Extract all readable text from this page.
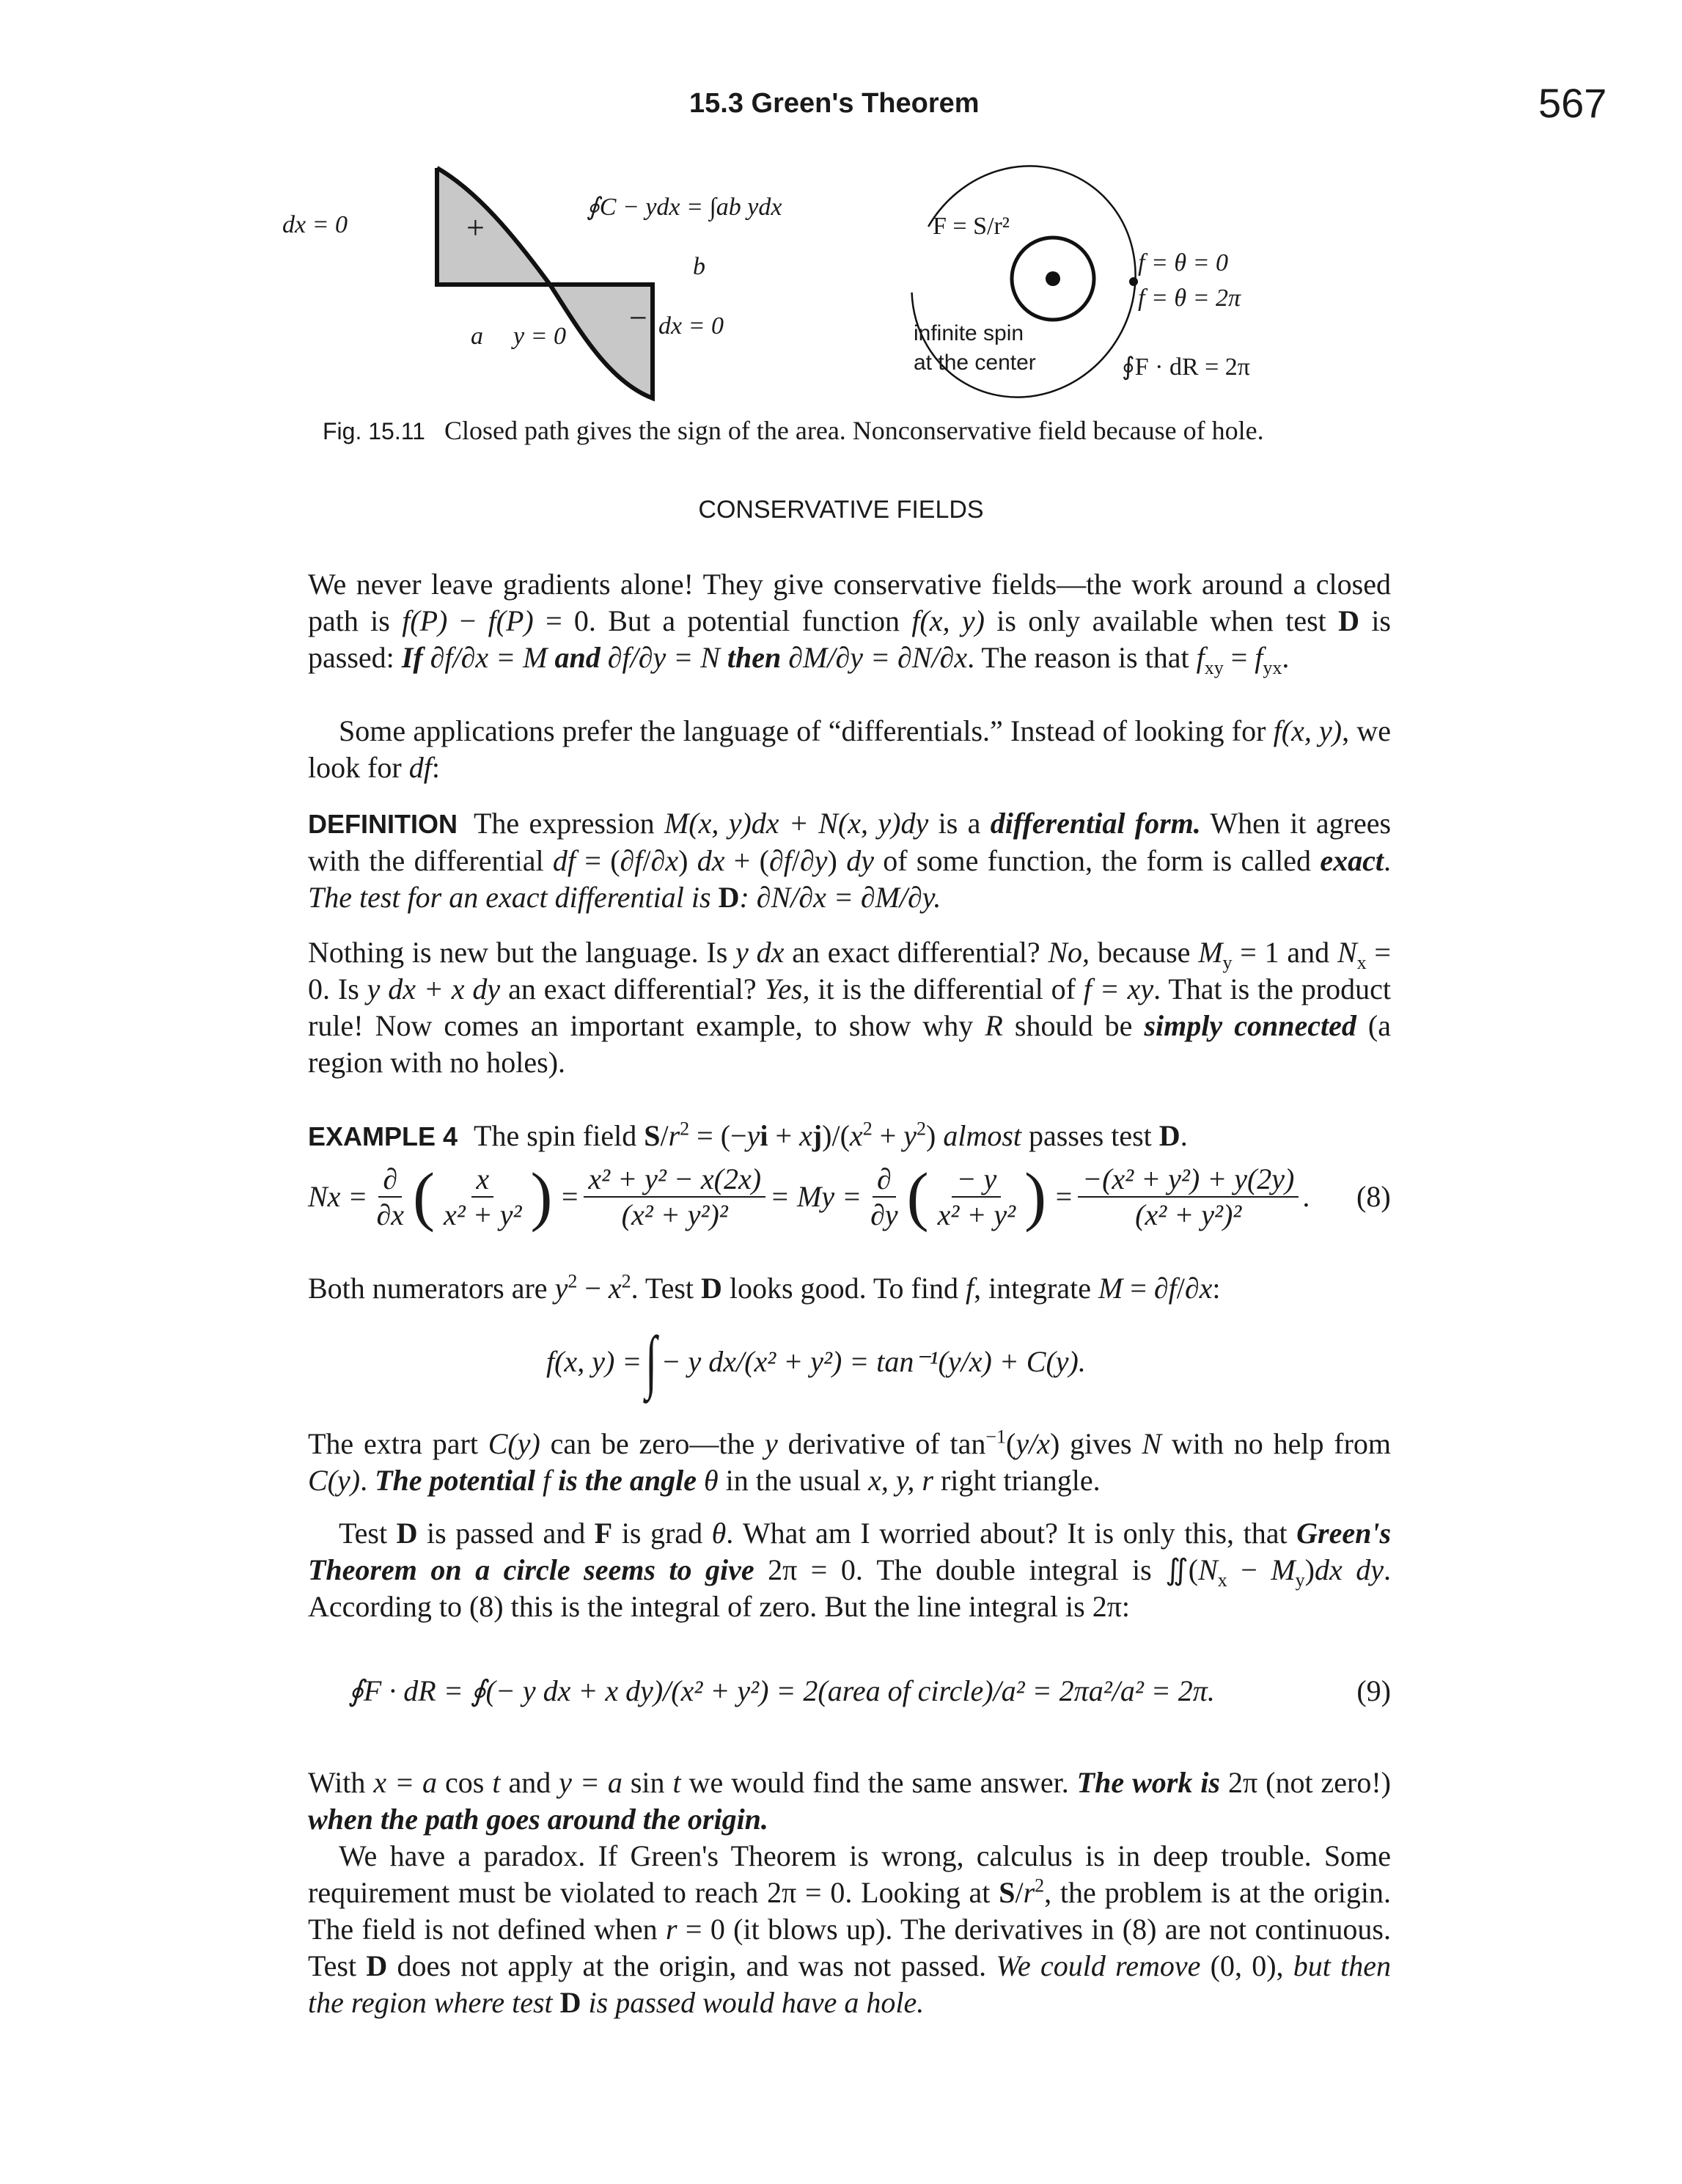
15.3 Green's Theorem	567
dx = 0	+
∮C − ydx = ∫ab ydx
b
a y = 0
− dx = 0
F = S/r²
f = θ = 0
f = θ = 2π
infinite spin
at the center	∮F · dR = 2π
Fig. 15.11 Closed path gives the sign of the area. Nonconservative field because of hole.
CONSERVATIVE FIELDS
We never leave gradients alone! They give conservative fields—the work around a closed path is f(P) − f(P) = 0. But a potential function f(x, y) is only available when test D is passed: If ∂f/∂x = M and ∂f/∂y = N then ∂M/∂y = ∂N/∂x. The reason is that $f_{xy} = f_{yx}$.
Some applications prefer the language of “differentials.” Instead of looking for f(x, y), we look for df:
DEFINITION The expression M(x, y)dx + N(x, y)dy is a differential form. When it agrees with the differential df = (∂f/∂x) dx + (∂f/∂y) dy of some function, the form is called exact. The test for an exact differential is D: ∂N/∂x = ∂M/∂y.
Nothing is new but the language. Is y dx an exact differential? No, because $M_y = 1$ and $N_x = 0$. Is y dx + x dy an exact differential? Yes, it is the differential of f = xy. That is the product rule! Now comes an important example, to show why R should be simply connected (a region with no holes).
EXAMPLE 4 The spin field $S/r^2 = (-yi + xj)/(x^2 + y^2)$ almost passes test D.
$Nx = \frac{\partial}{\partial x}$ ( $\frac{x}{\text{x² + y²}}$ ) = $\frac{\text{x² + y² − x(2x)}}{\text{(x² + y²)²}} = My = \frac{\partial}{\partial y}$ ( $\frac{- y}{\text{x² + y²}}$ ) = $\frac{\text{−(x² + y²) + y(2y)}}{\text{(x² + y²)²}}$ . (8)
Both numerators are $y^2 - x^2$. Test D looks good. To find f, integrate M = ∂f/∂x:
f(x, y) = ∫ − y dx/(x² + y²) = tan⁻¹(y/x) + C(y).
The extra part C(y) can be zero—the y derivative of $\tan^{-1}(y/x)$ gives N with no help from C(y). The potential f is the angle θ in the usual x, y, r right triangle.
Test D is passed and F is grad θ. What am I worried about? It is only this, that Green's Theorem on a circle seems to give 2π = 0. The double integral is $∬(N_x - M_y)dx$ dy. According to (8) this is the integral of zero. But the line integral is 2π:
∮F · dR = ∮(− y dx + x dy)/(x² + y²) = 2(area of circle)/a² = 2πa²/a² = 2π.	(9)
With x = a cos t and y = a sin t we would find the same answer. The work is 2π (not zero!) when the path goes around the origin.
We have a paradox. If Green's Theorem is wrong, calculus is in deep trouble. Some requirement must be violated to reach 2π = 0. Looking at $S/r^2$, the problem is at the origin. The field is not defined when r = 0 (it blows up). The derivatives in (8) are not continuous. Test D does not apply at the origin, and was not passed. We could remove (0, 0), but then the region where test D is passed would have a hole.
